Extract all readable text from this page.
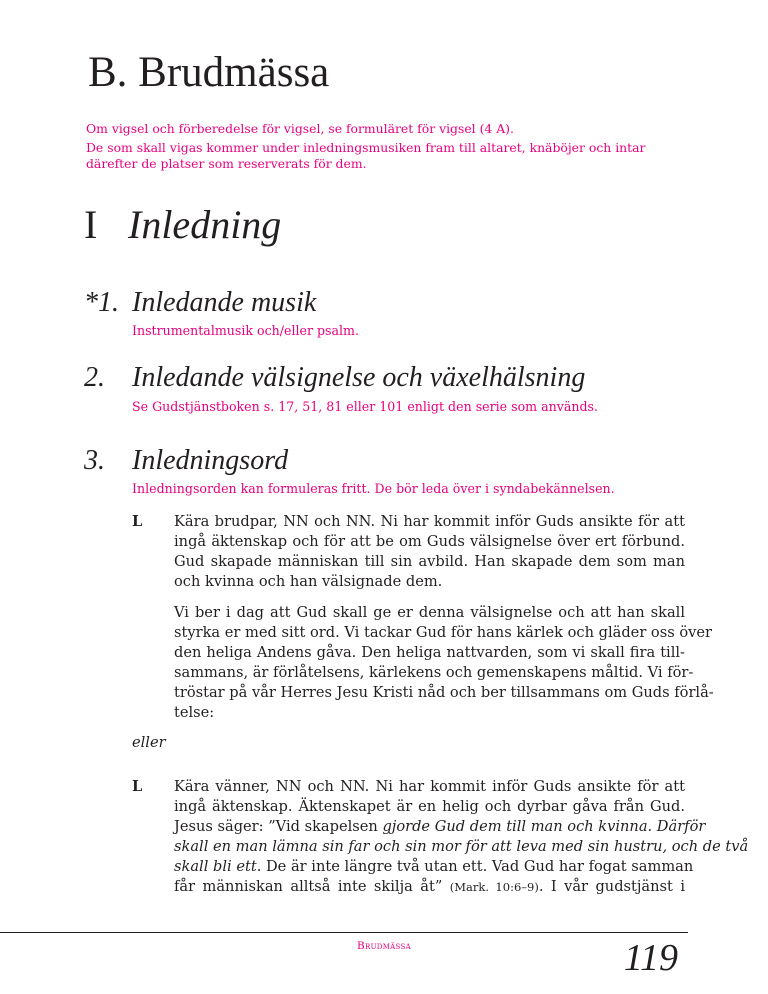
B. Brudmässa
Om vigsel och förberedelse för vigsel, se formuläret för vigsel (4 A).
De som skall vigas kommer under inledningsmusiken fram till altaret, knäböjer och intar
därefter de platser som reserverats för dem.
I Inledning
*1. Inledande musik
Instrumentalmusik och/eller psalm.
2. Inledande välsignelse och växelhälsning
Se Gudstjänstboken s. 17, 51, 81 eller 101 enligt den serie som används.
3. Inledningsord
Inledningsorden kan formuleras fritt. De bör leda över i syndabekännelsen.
L Kära brudpar, NN och NN. Ni har kommit inför Guds ansikte för att
ingå äktenskap och för att be om Guds välsignelse över ert förbund.
Gud skapade människan till sin avbild. Han skapade dem som man
och kvinna och han välsignade dem.
Vi ber i dag att Gud skall ge er denna välsignelse och att han skall
styrka er med sitt ord. Vi tackar Gud för hans kärlek och gläder oss över
den heliga Andens gåva. Den heliga nattvarden, som vi skall fira till-
sammans, är förlåtelsens, kärlekens och gemenskapens måltid. Vi för-
tröstar på vår Herres Jesu Kristi nåd och ber tillsammans om Guds förlå-
telse:
eller
L Kära vänner, NN och NN. Ni har kommit inför Guds ansikte för att
ingå äktenskap. Äktenskapet är en helig och dyrbar gåva från Gud.
Jesus säger: ”Vid skapelsen gjorde Gud dem till man och kvinna. Därför
skall en man lämna sin far och sin mor för att leva med sin hustru, och de två
skall bli ett. De är inte längre två utan ett. Vad Gud har fogat samman
får människan alltså inte skilja åt” (Mark. 10:6–9). I vår gudstjänst i
Brudmässa	119
